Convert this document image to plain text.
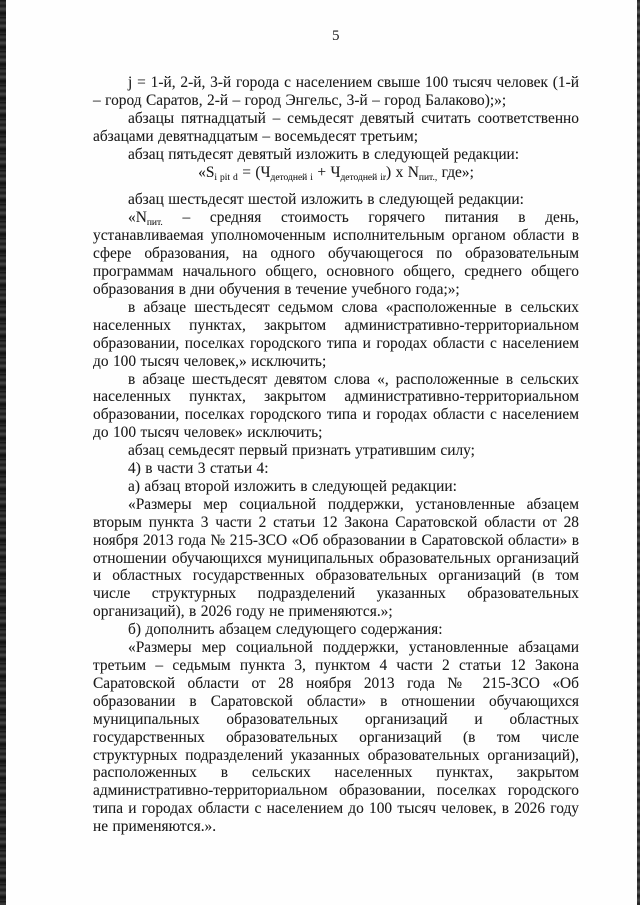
5

j = 1-й, 2-й, 3-й города с населением свыше 100 тысяч человек (1-й – город Саратов, 2-й – город Энгельс, 3-й – город Балаково);»;

абзацы пятнадцатый – семьдесят девятый считать соответственно абзацами девятнадцатым – восемьдесят третьим;

абзац пятьдесят девятый изложить в следующей редакции:

«$S_{i pit d} = (Ч_{детодней i} + Ч_{детодней ir})$ х $N_{пит.,}$ где»;

абзац шестьдесят шестой изложить в следующей редакции:

«$N_{пит.}$ – средняя стоимость горячего питания в день, устанавливаемая уполномоченным исполнительным органом области в сфере образования, на одного обучающегося по образовательным программам начального общего, основного общего, среднего общего образования в дни обучения в течение учебного года;»;

в абзаце шестьдесят седьмом слова «расположенные в сельских населенных пунктах, закрытом административно-территориальном образовании, поселках городского типа и городах области с населением до 100 тысяч человек,» исключить;

в абзаце шестьдесят девятом слова «, расположенные в сельских населенных пунктах, закрытом административно-территориальном образовании, поселках городского типа и городах области с населением до 100 тысяч человек» исключить;

абзац семьдесят первый признать утратившим силу;

4) в части 3 статьи 4:

а) абзац второй изложить в следующей редакции:

«Размеры мер социальной поддержки, установленные абзацем вторым пункта 3 части 2 статьи 12 Закона Саратовской области от 28 ноября 2013 года № 215-ЗСО «Об образовании в Саратовской области» в отношении обучающихся муниципальных образовательных организаций и областных государственных образовательных организаций (в том числе структурных подразделений указанных образовательных организаций), в 2026 году не применяются.»;

б) дополнить абзацем следующего содержания:

«Размеры мер социальной поддержки, установленные абзацами третьим – седьмым пункта 3, пунктом 4 части 2 статьи 12 Закона Саратовской области от 28 ноября 2013 года № 215-ЗСО «Об образовании в Саратовской области» в отношении обучающихся муниципальных образовательных организаций и областных государственных образовательных организаций (в том числе структурных подразделений указанных образовательных организаций), расположенных в сельских населенных пунктах, закрытом административно-территориальном образовании, поселках городского типа и городах области с населением до 100 тысяч человек, в 2026 году не применяются.».
